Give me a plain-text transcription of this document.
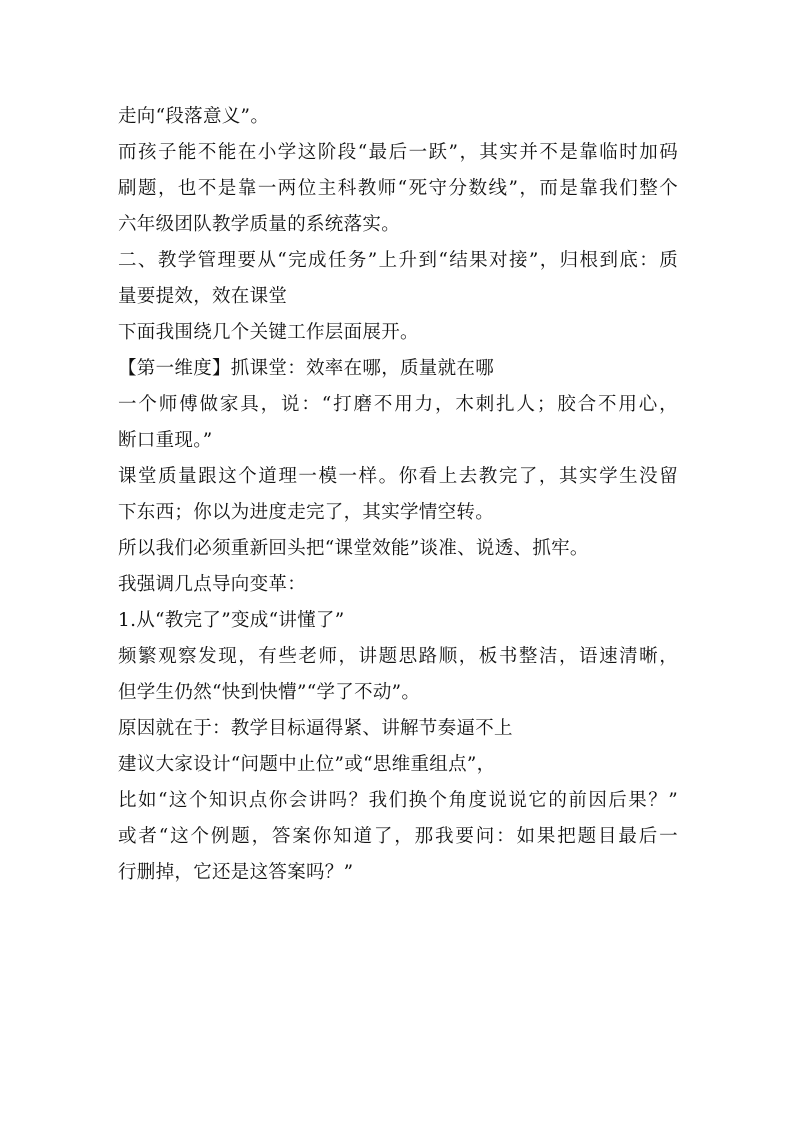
走向“段落意义”。
而孩子能不能在小学这阶段“最后一跃”，其实并不是靠临时加码
刷题，也不是靠一两位主科教师“死守分数线”，而是靠我们整个
六年级团队教学质量的系统落实。
二、教学管理要从“完成任务”上升到“结果对接”，归根到底：质
量要提效，效在课堂
下面我围绕几个关键工作层面展开。
【第一维度】抓课堂：效率在哪，质量就在哪
一个师傅做家具，说：“打磨不用力，木刺扎人；胶合不用心，
断口重现。”
课堂质量跟这个道理一模一样。你看上去教完了，其实学生没留
下东西；你以为进度走完了，其实学情空转。
所以我们必须重新回头把“课堂效能”谈准、说透、抓牢。
我强调几点导向变革：
1.从“教完了”变成“讲懂了”
频繁观察发现，有些老师，讲题思路顺，板书整洁，语速清晰，
但学生仍然“快到快懵”“学了不动”。
原因就在于：教学目标逼得紧、讲解节奏逼不上
建议大家设计“问题中止位”或“思维重组点”，
比如“这个知识点你会讲吗？我们换个角度说说它的前因后果？”
或者“这个例题，答案你知道了，那我要问：如果把题目最后一
行删掉，它还是这答案吗？”
